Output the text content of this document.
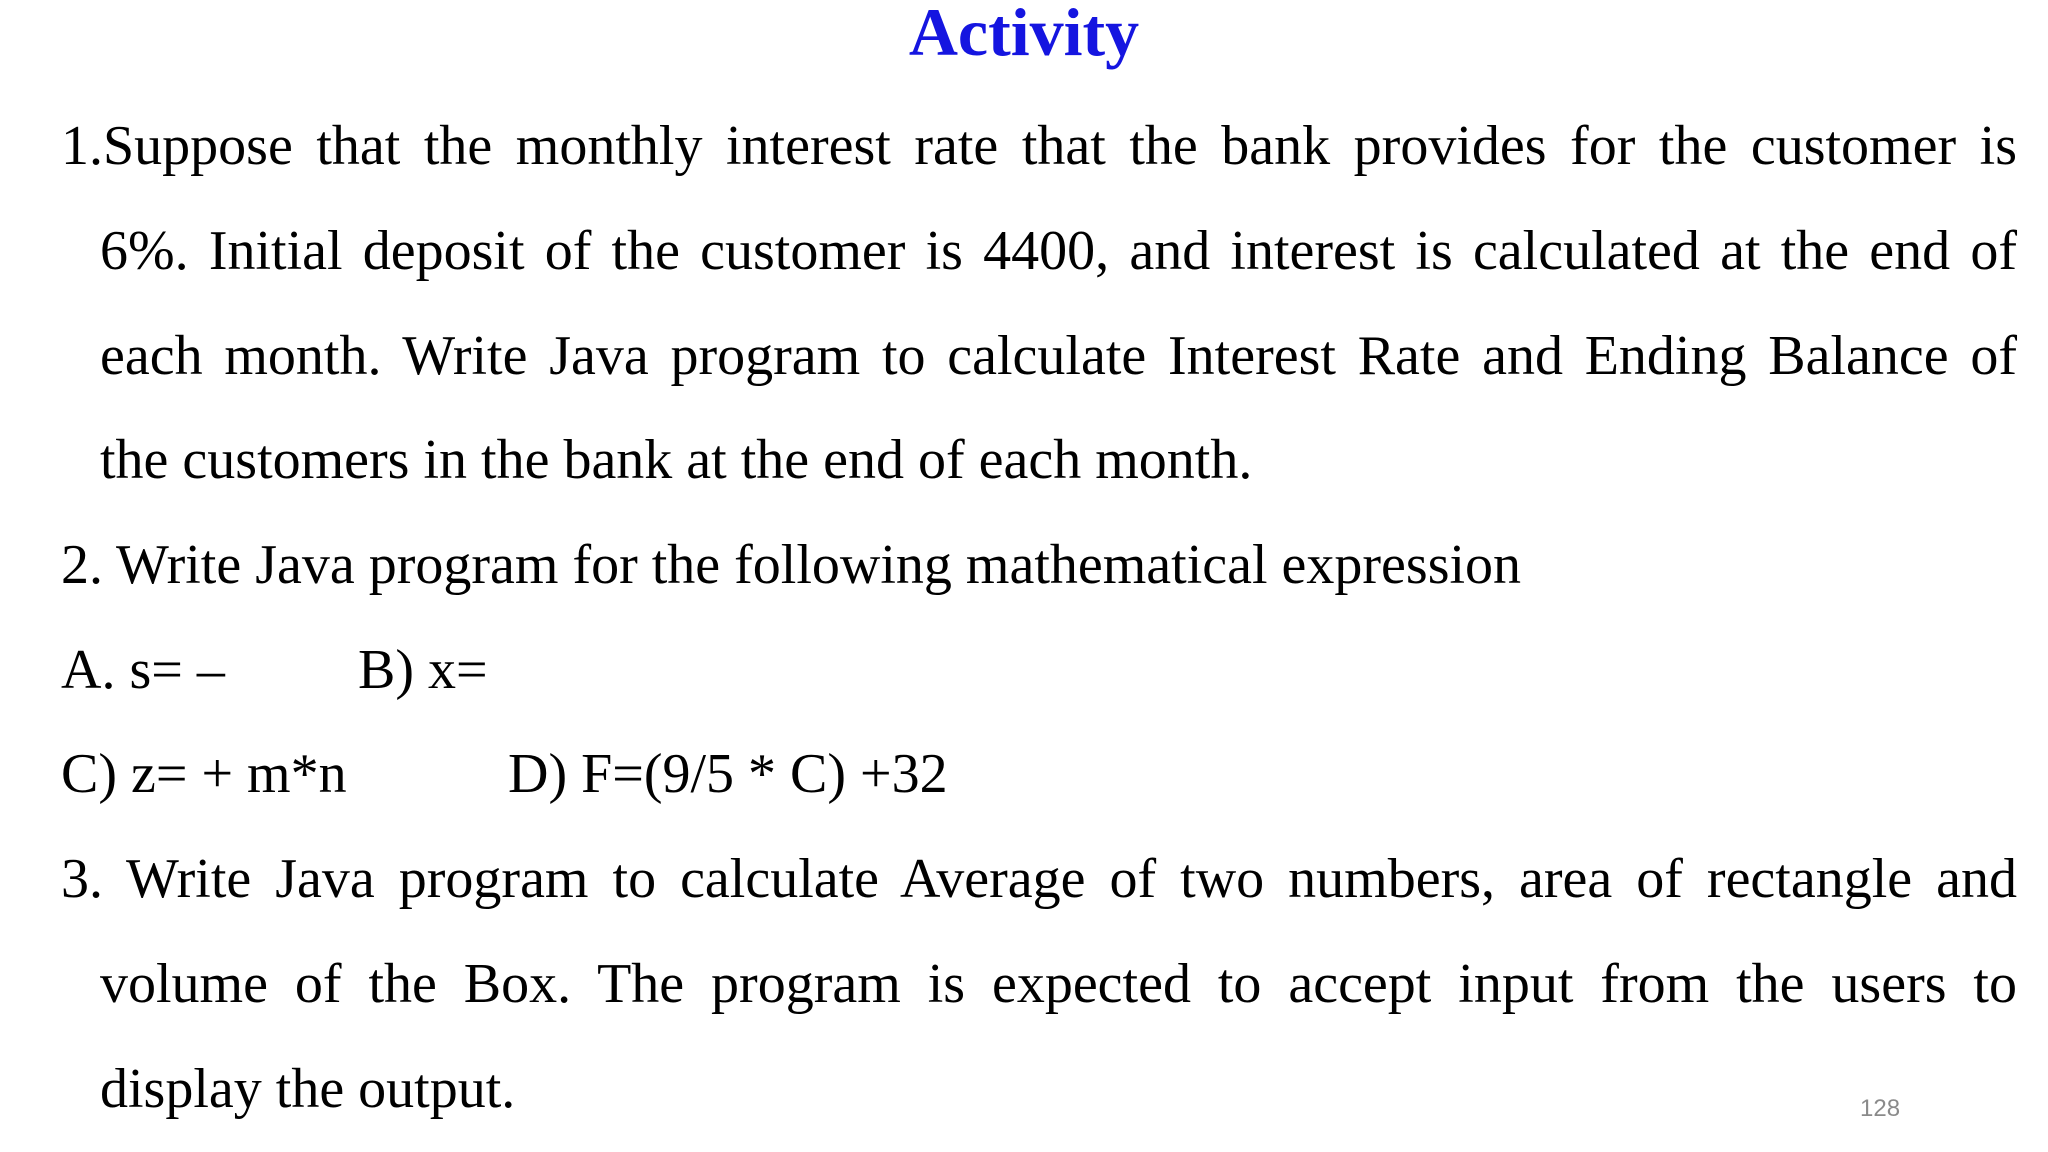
Activity
1.Suppose that the monthly interest rate that the bank provides for the customer is
6%. Initial deposit of the customer is 4400, and interest is calculated at the end of
each month. Write Java program to calculate Interest Rate and Ending Balance of
the customers in the bank at the end of each month.
2. Write Java program for the following mathematical expression
A. s= – B) x=
C) z= + m*n	D) F=(9/5 * C) +32
3. Write Java program to calculate Average of two numbers, area of rectangle and
volume of the Box. The program is expected to accept input from the users to
display the output.	128
